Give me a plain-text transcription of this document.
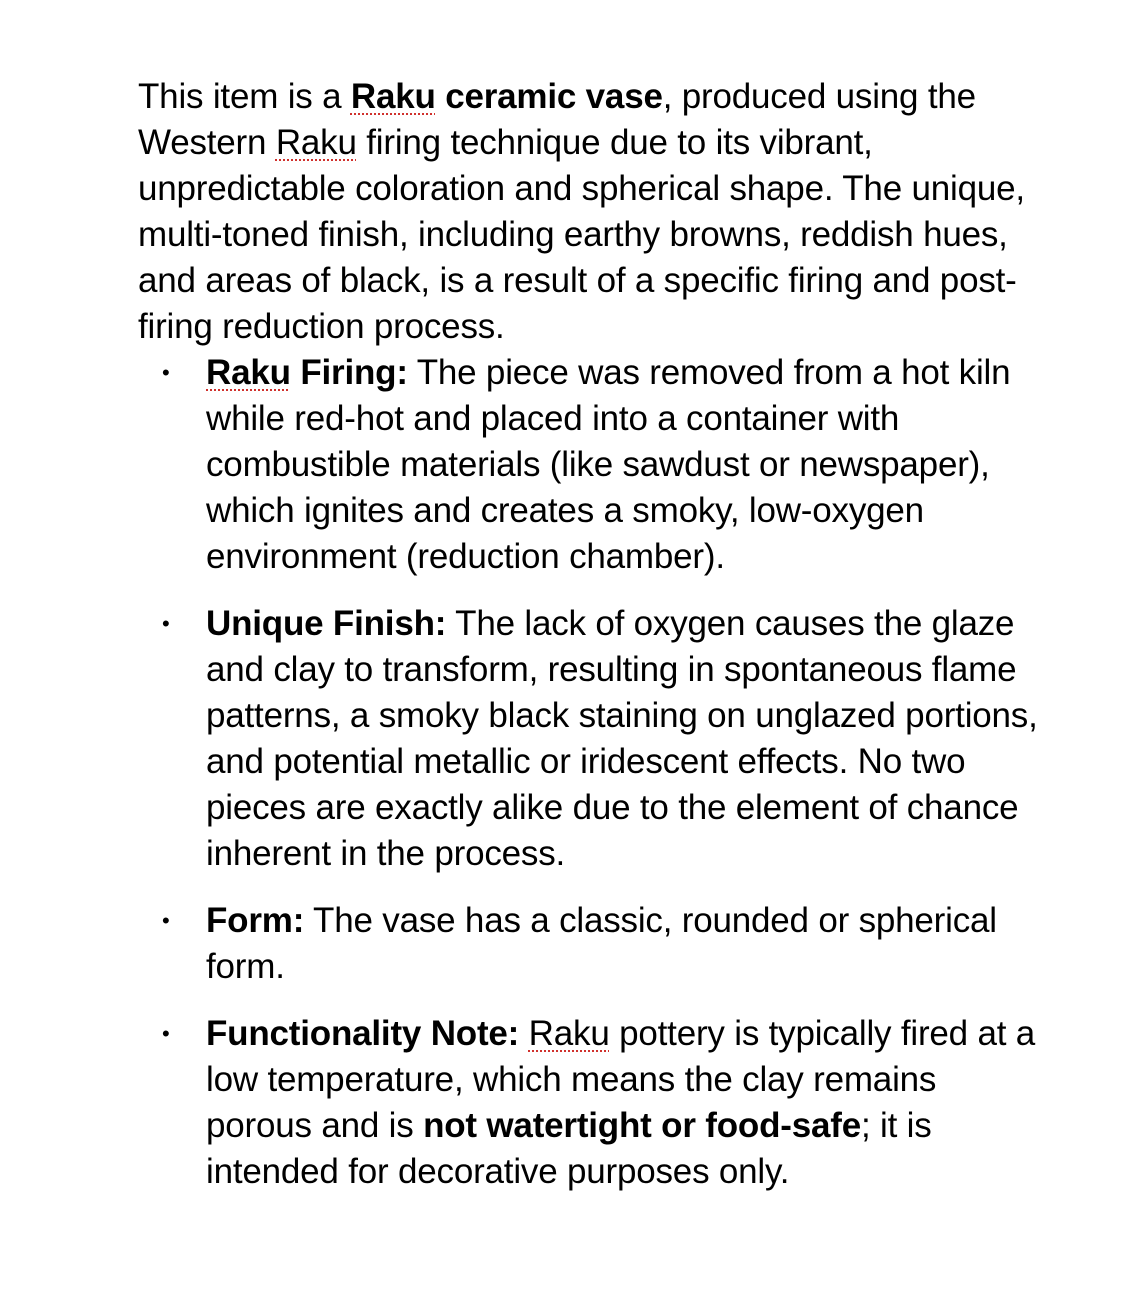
This item is a Raku ceramic vase, produced using the Western Raku firing technique due to its vibrant, unpredictable coloration and spherical shape. The unique, multi-toned finish, including earthy browns, reddish hues, and areas of black, is a result of a specific firing and post-firing reduction process.

• Raku Firing: The piece was removed from a hot kiln while red-hot and placed into a container with combustible materials (like sawdust or newspaper), which ignites and creates a smoky, low-oxygen environment (reduction chamber).
• Unique Finish: The lack of oxygen causes the glaze and clay to transform, resulting in spontaneous flame patterns, a smoky black staining on unglazed portions, and potential metallic or iridescent effects. No two pieces are exactly alike due to the element of chance inherent in the process.
• Form: The vase has a classic, rounded or spherical form.
• Functionality Note: Raku pottery is typically fired at a low temperature, which means the clay remains porous and is not watertight or food-safe; it is intended for decorative purposes only.
